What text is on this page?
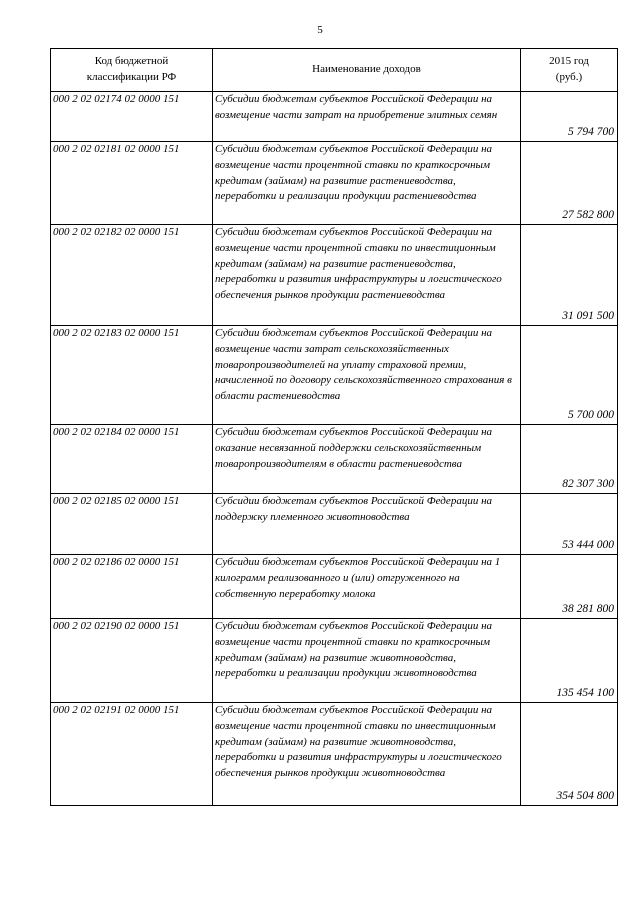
5
Код бюджетной
классификации РФ	Наименование доходов	2015 год
(руб.)

000 2 02 02174 02 0000 151	Субсидии бюджетам субъектов Российской Федерации на возмещение части затрат на приобретение элитных семян	5 794 700
000 2 02 02181 02 0000 151	Субсидии бюджетам субъектов Российской Федерации на возмещение части процентной ставки по краткосрочным кредитам (займам) на развитие растениеводства, переработки и реализации продукции растениеводства	27 582 800
000 2 02 02182 02 0000 151	Субсидии бюджетам субъектов Российской Федерации на возмещение части процентной ставки по инвестиционным кредитам (займам) на развитие растениеводства, переработки и развития инфраструктуры и логистического обеспечения рынков продукции растениеводства	31 091 500
000 2 02 02183 02 0000 151	Субсидии бюджетам субъектов Российской Федерации на возмещение части затрат сельскохозяйственных товаропроизводителей на уплату страховой премии, начисленной по договору сельскохозяйственного страхования в области растениеводства	5 700 000
000 2 02 02184 02 0000 151	Субсидии бюджетам субъектов Российской Федерации на оказание несвязанной поддержки сельскохозяйственным товаропроизводителям в области растениеводства	82 307 300
000 2 02 02185 02 0000 151	Субсидии бюджетам субъектов Российской Федерации на поддержку племенного животноводства	53 444 000
000 2 02 02186 02 0000 151	Субсидии бюджетам субъектов Российской Федерации на 1 килограмм реализованного и (или) отгруженного на собственную переработку молока	38 281 800
000 2 02 02190 02 0000 151	Субсидии бюджетам субъектов Российской Федерации на возмещение части процентной ставки по краткосрочным кредитам (займам) на развитие животноводства, переработки и реализации продукции животноводства	135 454 100
000 2 02 02191 02 0000 151	Субсидии бюджетам субъектов Российской Федерации на возмещение части процентной ставки по инвестиционным кредитам (займам) на развитие животноводства, переработки и развития инфраструктуры и логистического обеспечения рынков продукции животноводства	354 504 800
